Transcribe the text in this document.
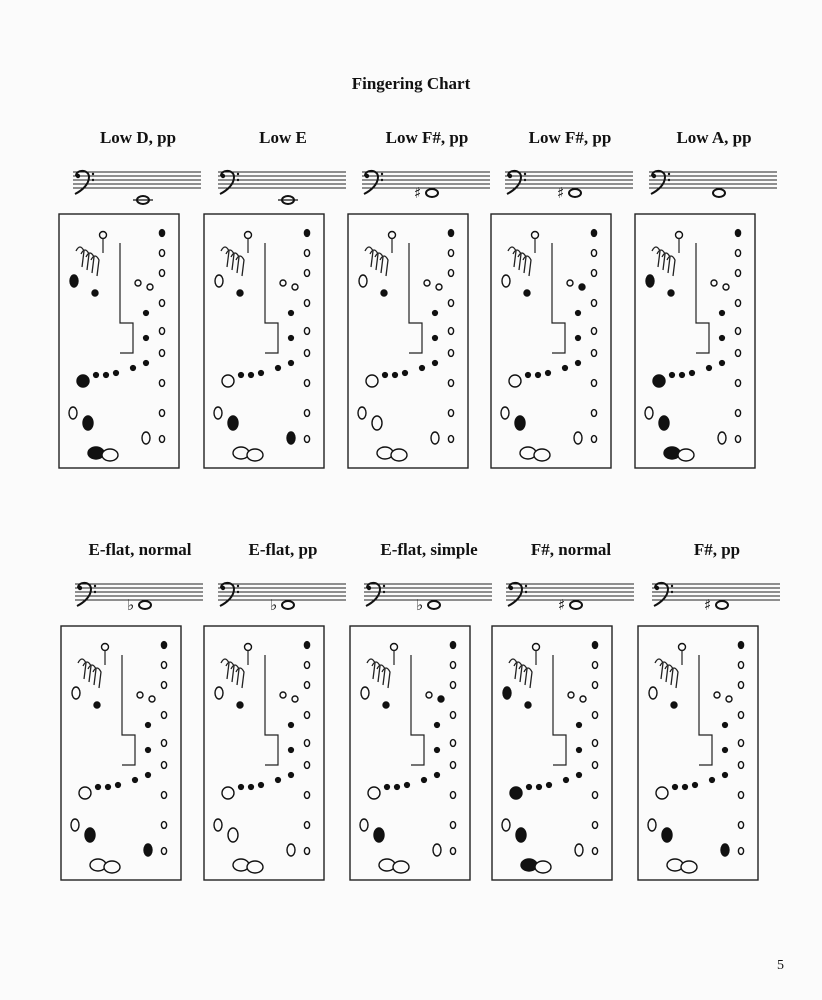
Fingering Chart
Low D, pp	Low E	Low F#, pp
♯
Low F#, pp
♯
Low A, pp
E-flat, normal
♭
E-flat, pp
♭
E-flat, simple
♭
F#, normal
♯
F#, pp
♯
5
